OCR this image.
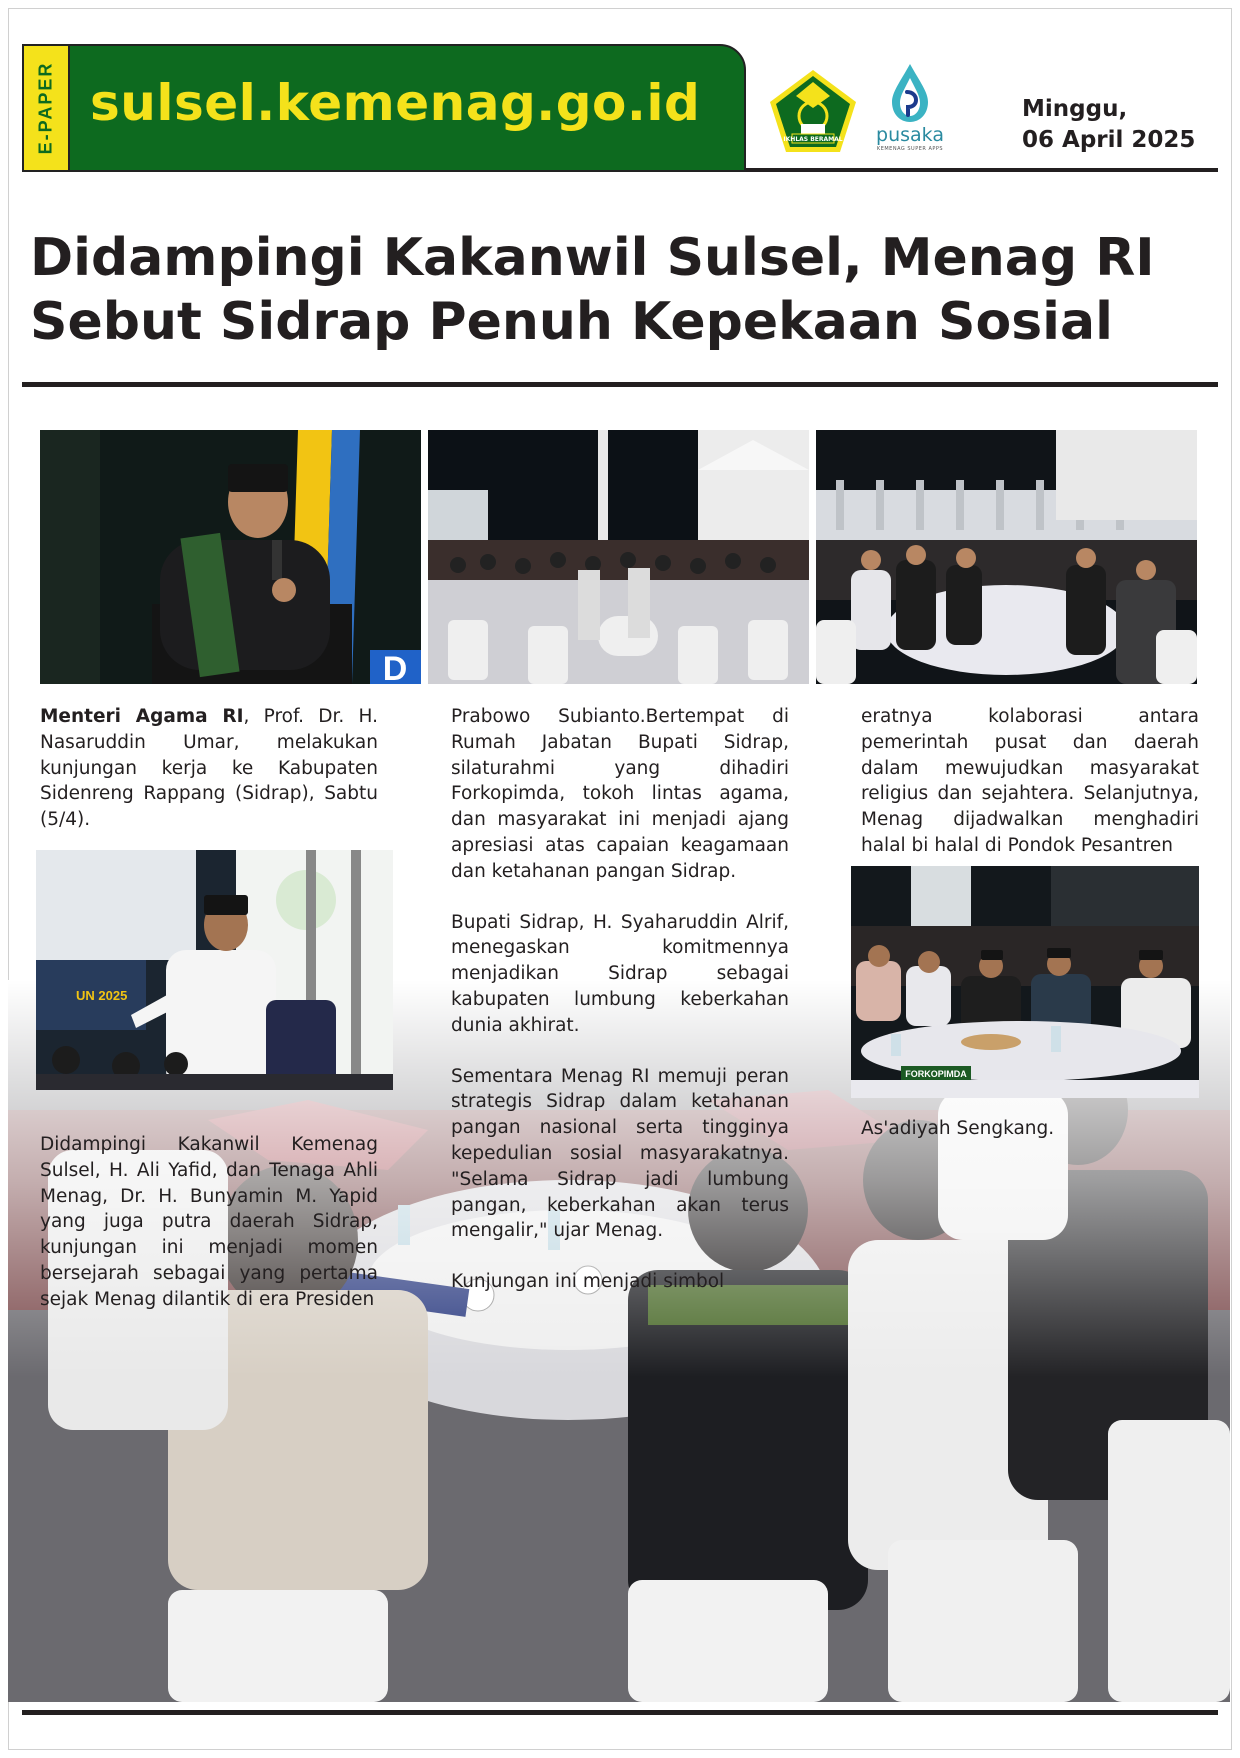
E-PAPER sulsel.kemenag.go.id
IKHLAS BERAMAL	pusaka
KEMENAG SUPER APPS
Minggu,
06 April 2025
Didampingi Kakanwil Sulsel, Menag RI
Sebut Sidrap Penuh Kepekaan Sosial
D
UN 2025
FORKOPIMDA

Menteri Agama RI, Prof. Dr. H. Nasaruddin Umar, melakukan kunjungan kerja ke Kabupaten Sidenreng Rappang (Sidrap), Sabtu (5/4).

Didampingi Kakanwil Kemenag Sulsel, H. Ali Yafid, dan Tenaga Ahli Menag, Dr. H. Bunyamin M. Yapid yang juga putra daerah Sidrap, kunjungan ini menjadi momen bersejarah sebagai yang pertama sejak Menag dilantik di era Presiden

Prabowo Subianto.Bertempat di Rumah Jabatan Bupati Sidrap, silaturahmi yang dihadiri Forkopimda, tokoh lintas agama, dan masyarakat ini menjadi ajang apresiasi atas capaian keagamaan dan ketahanan pangan Sidrap.

Bupati Sidrap, H. Syaharuddin Alrif, menegaskan komitmennya menjadikan Sidrap sebagai kabupaten lumbung keberkahan dunia akhirat.

Sementara Menag RI memuji peran strategis Sidrap dalam ketahanan pangan nasional serta tingginya kepedulian sosial masyarakatnya. "Selama Sidrap jadi lumbung pangan, keberkahan akan terus mengalir," ujar Menag.

Kunjungan ini menjadi simbol

eratnya kolaborasi antara pemerintah pusat dan daerah dalam mewujudkan masyarakat religius dan sejahtera. Selanjutnya, Menag dijadwalkan menghadiri halal bi halal di Pondok Pesantren

As'adiyah Sengkang.
